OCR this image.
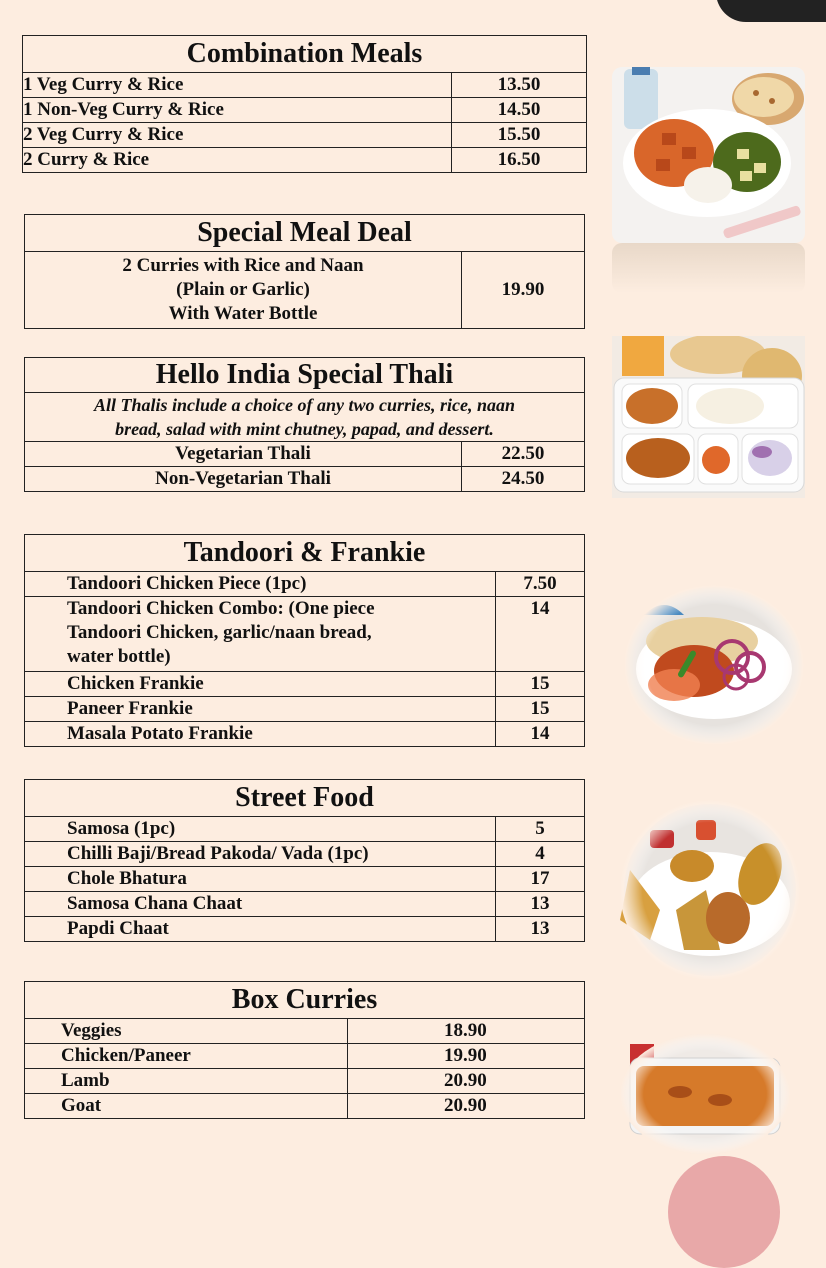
Combination Meals	
1 Veg Curry & Rice	13.50
1 Non-Veg Curry & Rice	14.50
2 Veg Curry & Rice	15.50
2 Curry & Rice	16.50
Special Meal Deal

2 Curries with Rice and Naan
(Plain or Garlic)
With Water Bottle
	19.90
Hello India Special Thali	

All Thalis include a choice of any two curries, rice, naan
bread, salad with mint chutney, papad, and dessert.	

Vegetarian Thali	22.50
Non-Vegetarian Thali	24.50
Tandoori & Frankie	
Tandoori Chicken Piece (1pc)	7.50

Tandoori Chicken Combo: (One piece
Tandoori Chicken, garlic/naan bread,
water bottle)	14
Chicken Frankie	15
Paneer Frankie	15
Masala Potato Frankie	14
Street Food	
Samosa (1pc)	5
Chilli Baji/Bread Pakoda/ Vada (1pc)	4
Chole Bhatura	17
Samosa Chana Chaat	13
Papdi Chaat	13
Box Curries	
Veggies	18.90
Chicken/Paneer	19.90
Lamb	20.90
Goat	20.90
